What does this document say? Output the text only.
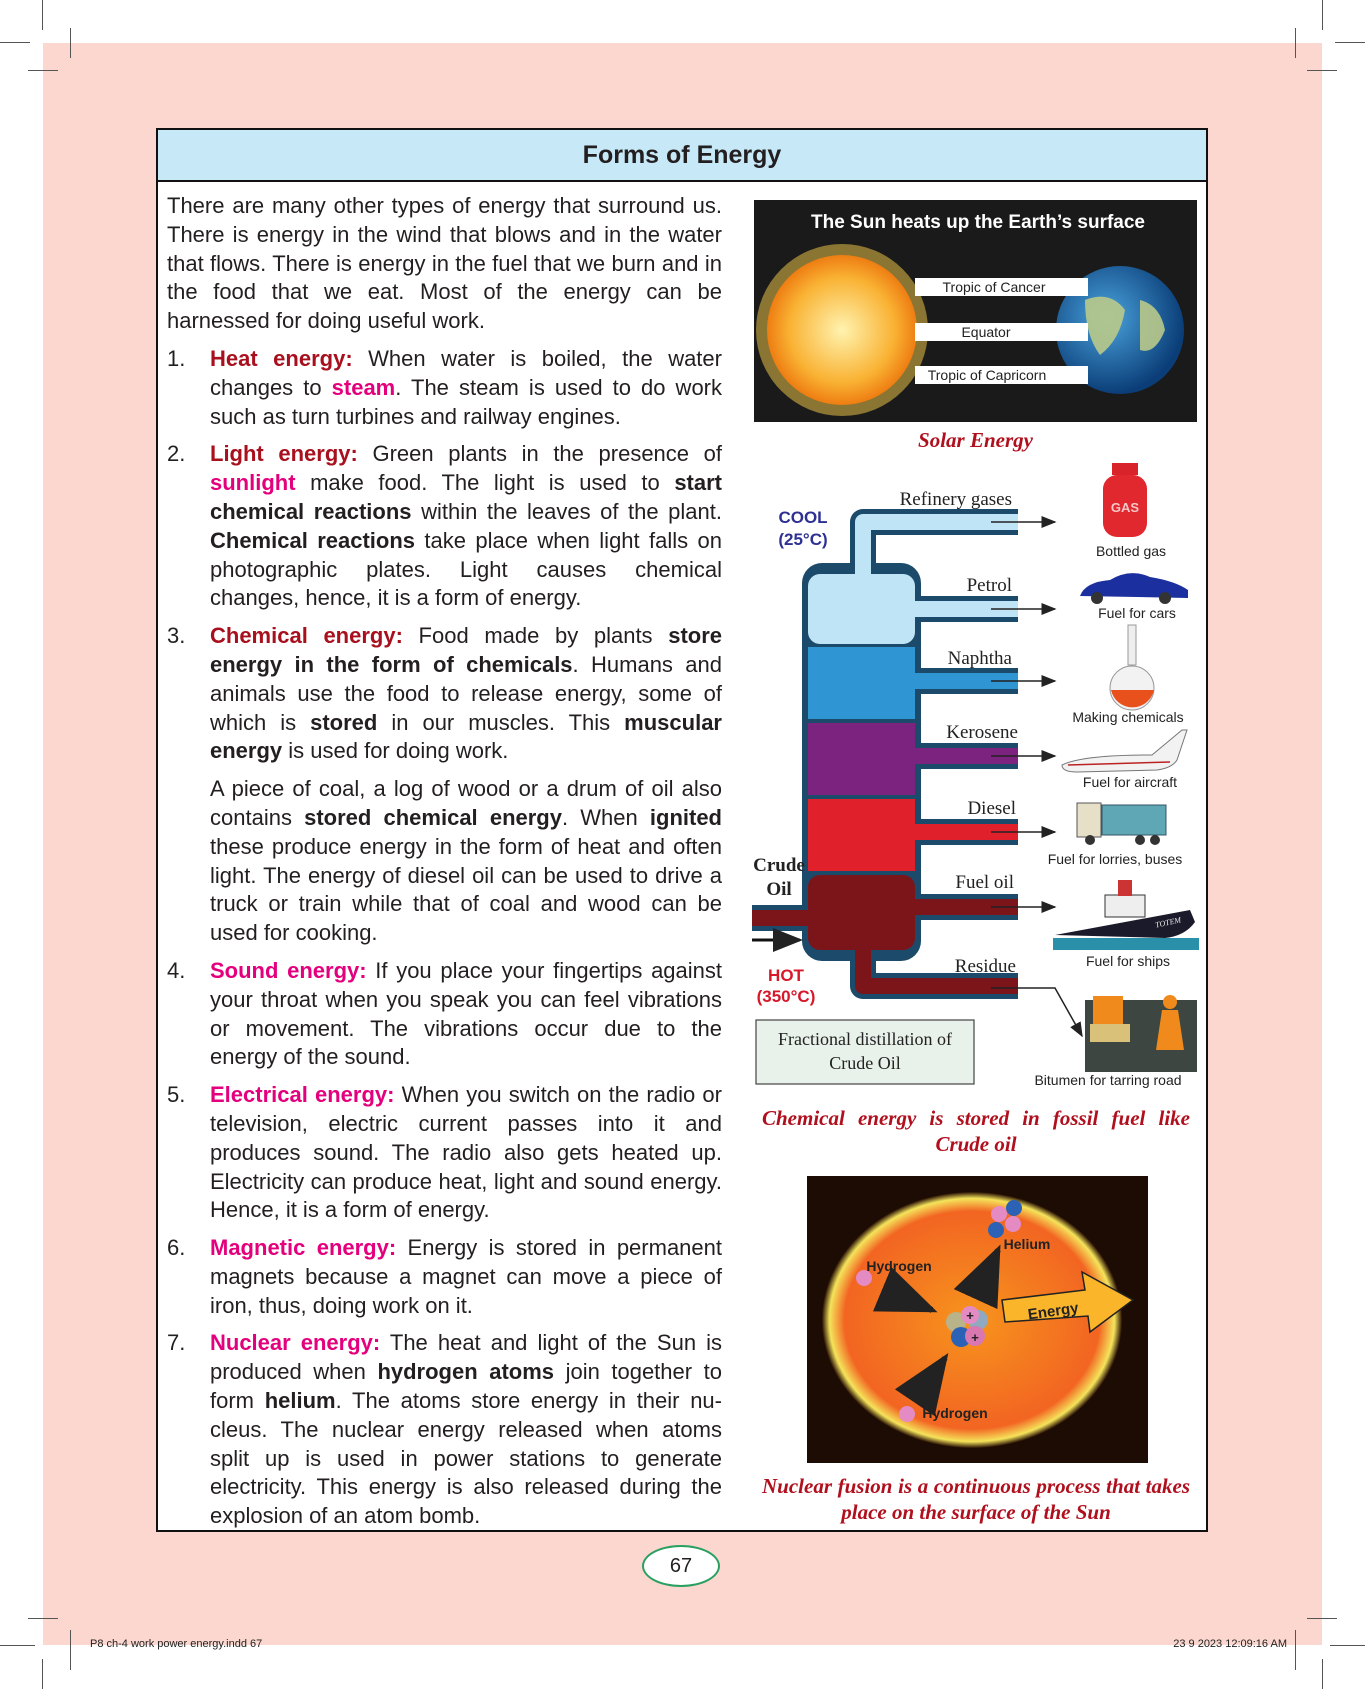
Forms of Energy

There are many other types of energy that surround us. There is energy in the wind that blows and in the water that flows. There is energy in the fuel that we burn and in the food that we eat. Most of the energy can be harnessed for doing useful work.

1. Heat energy: When water is boiled, the water changes to steam. The steam is used to do work such as turn turbines and railway engines.

2. Light energy: Green plants in the presence of sunlight make food. The light is used to start chemical reactions within the leaves of the plant. Chemical reactions take place when light falls on photographic plates. Light causes chemical changes, hence, it is a form of energy.

3. Chemical energy: Food made by plants store energy in the form of chemicals. Humans and animals use the food to release energy, some of which is stored in our muscles. This muscular energy is used for doing work.

A piece of coal, a log of wood or a drum of oil also contains stored chemical energy. When ignited these produce energy in the form of heat and often light. The energy of diesel oil can be used to drive a truck or train while that of coal and wood can be used for cooking.

4. Sound energy: If you place your fingertips against your throat when you speak you can feel vibrations or movement. The vibrations occur due to the energy of the sound.

5. Electrical energy: When you switch on the radio or television, electric current passes into it and produces sound. The radio also gets heated up. Electricity can produce heat, light and sound energy. Hence, it is a form of energy.

6. Magnetic energy: Energy is stored in permanent magnets because a magnet can move a piece of iron, thus, doing work on it.

7. Nuclear energy: The heat and light of the Sun is produced when hydrogen atoms join together to form helium. The atoms store energy in their nucleus. The nuclear energy released when atoms split up is used in power stations to generate electricity. This energy is also released during the explosion of an atom bomb.

The Sun heats up the Earth’s surface
Tropic of Cancer
Equator
Tropic of Capricorn
COOL
(25°C)
HOT
(350°C)
Crude
Oil
Refinery gases
Petrol
Naphtha
Kerosene
Diesel
Fuel oil
Residue
Fractional distillation of
Crude Oil
GAS
TOTEM
Bottled gas
Fuel for cars
Making chemicals
Fuel for aircraft
Fuel for lorries, buses
Fuel for ships
Bitumen for tarring road
Energy
+
+
Helium
Hydrogen
Hydrogen
Solar Energy
Chemical energy is stored in fossil fuel like Crude oil
Nuclear fusion is a continuous process that takes place on the surface of the Sun
67
P8 ch-4 work power energy.indd 67	23 9 2023 12:09:16 AM
